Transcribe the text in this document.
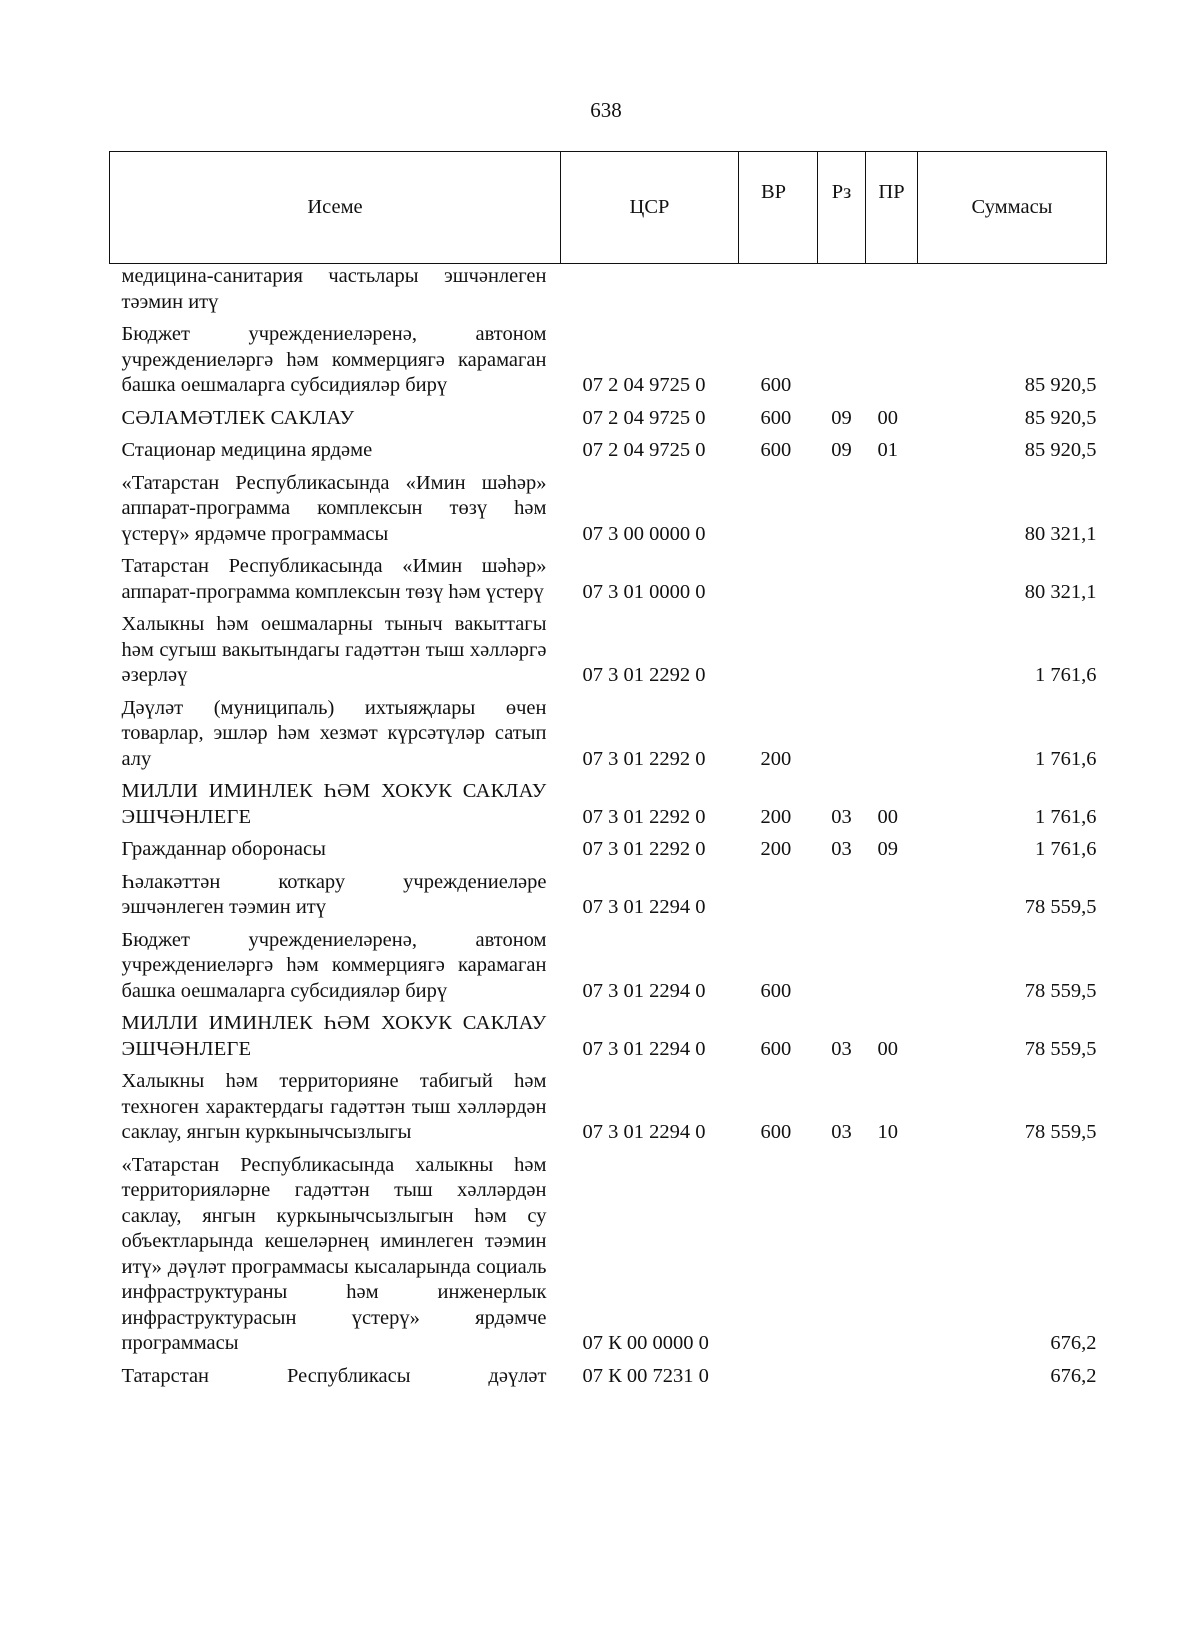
638
Исеме	ЦСР	ВР	Рз	ПР	Суммасы
медицина-санитария частьлары эшчәнлеген тәэмин итү					
Бюджет учреждениеләренә, автоном учреждениеләргә һәм коммерциягә карамаган башка оешмаларга субсидияләр бирү	07 2 04 9725 0	600			85 920,5
СӘЛАМӘТЛЕК САКЛАУ	07 2 04 9725 0	600	09	00	85 920,5
Стационар медицина ярдәме	07 2 04 9725 0	600	09	01	85 920,5
«Татарстан Республикасында «Имин шәһәр» аппарат-программа комплексын төзү һәм үстерү» ярдәмче программасы	07 3 00 0000 0				80 321,1
Татарстан Республикасында «Имин шәһәр» аппарат-программа комплексын төзү һәм үстерү	07 3 01 0000 0				80 321,1
Халыкны һәм оешмаларны тыныч вакыттагы һәм сугыш вакытындагы гадәттән тыш хәлләргә әзерләү	07 3 01 2292 0				1 761,6
Дәүләт (муниципаль) ихтыяҗлары өчен товарлар, эшләр һәм хезмәт күрсәтүләр сатып алу	07 3 01 2292 0	200			1 761,6
МИЛЛИ ИМИНЛЕК ҺӘМ ХОКУК САКЛАУ ЭШЧӘНЛЕГЕ	07 3 01 2292 0	200	03	00	1 761,6
Гражданнар оборонасы	07 3 01 2292 0	200	03	09	1 761,6
Һәлакәттән коткару учреждениеләре эшчәнлеген тәэмин итү	07 3 01 2294 0				78 559,5
Бюджет учреждениеләренә, автоном учреждениеләргә һәм коммерциягә карамаган башка оешмаларга субсидияләр бирү	07 3 01 2294 0	600			78 559,5
МИЛЛИ ИМИНЛЕК ҺӘМ ХОКУК САКЛАУ ЭШЧӘНЛЕГЕ	07 3 01 2294 0	600	03	00	78 559,5
Халыкны һәм территорияне табигый һәм техноген характердагы гадәттән тыш хәлләрдән саклау, янгын куркынычсызлыгы	07 3 01 2294 0	600	03	10	78 559,5
«Татарстан Республикасында халыкны һәм территорияләрне гадәттән тыш хәлләрдән саклау, янгын куркынычсызлыгын һәм су объектларында кешеләрнең иминлеген тәэмин итү» дәүләт программасы кысаларында социаль инфраструктураны һәм инженерлык инфраструктурасын үстерү» ярдәмче программасы	07 К 00 0000 0				676,2
Татарстан Республикасы дәүләт	07 К 00 7231 0				676,2
